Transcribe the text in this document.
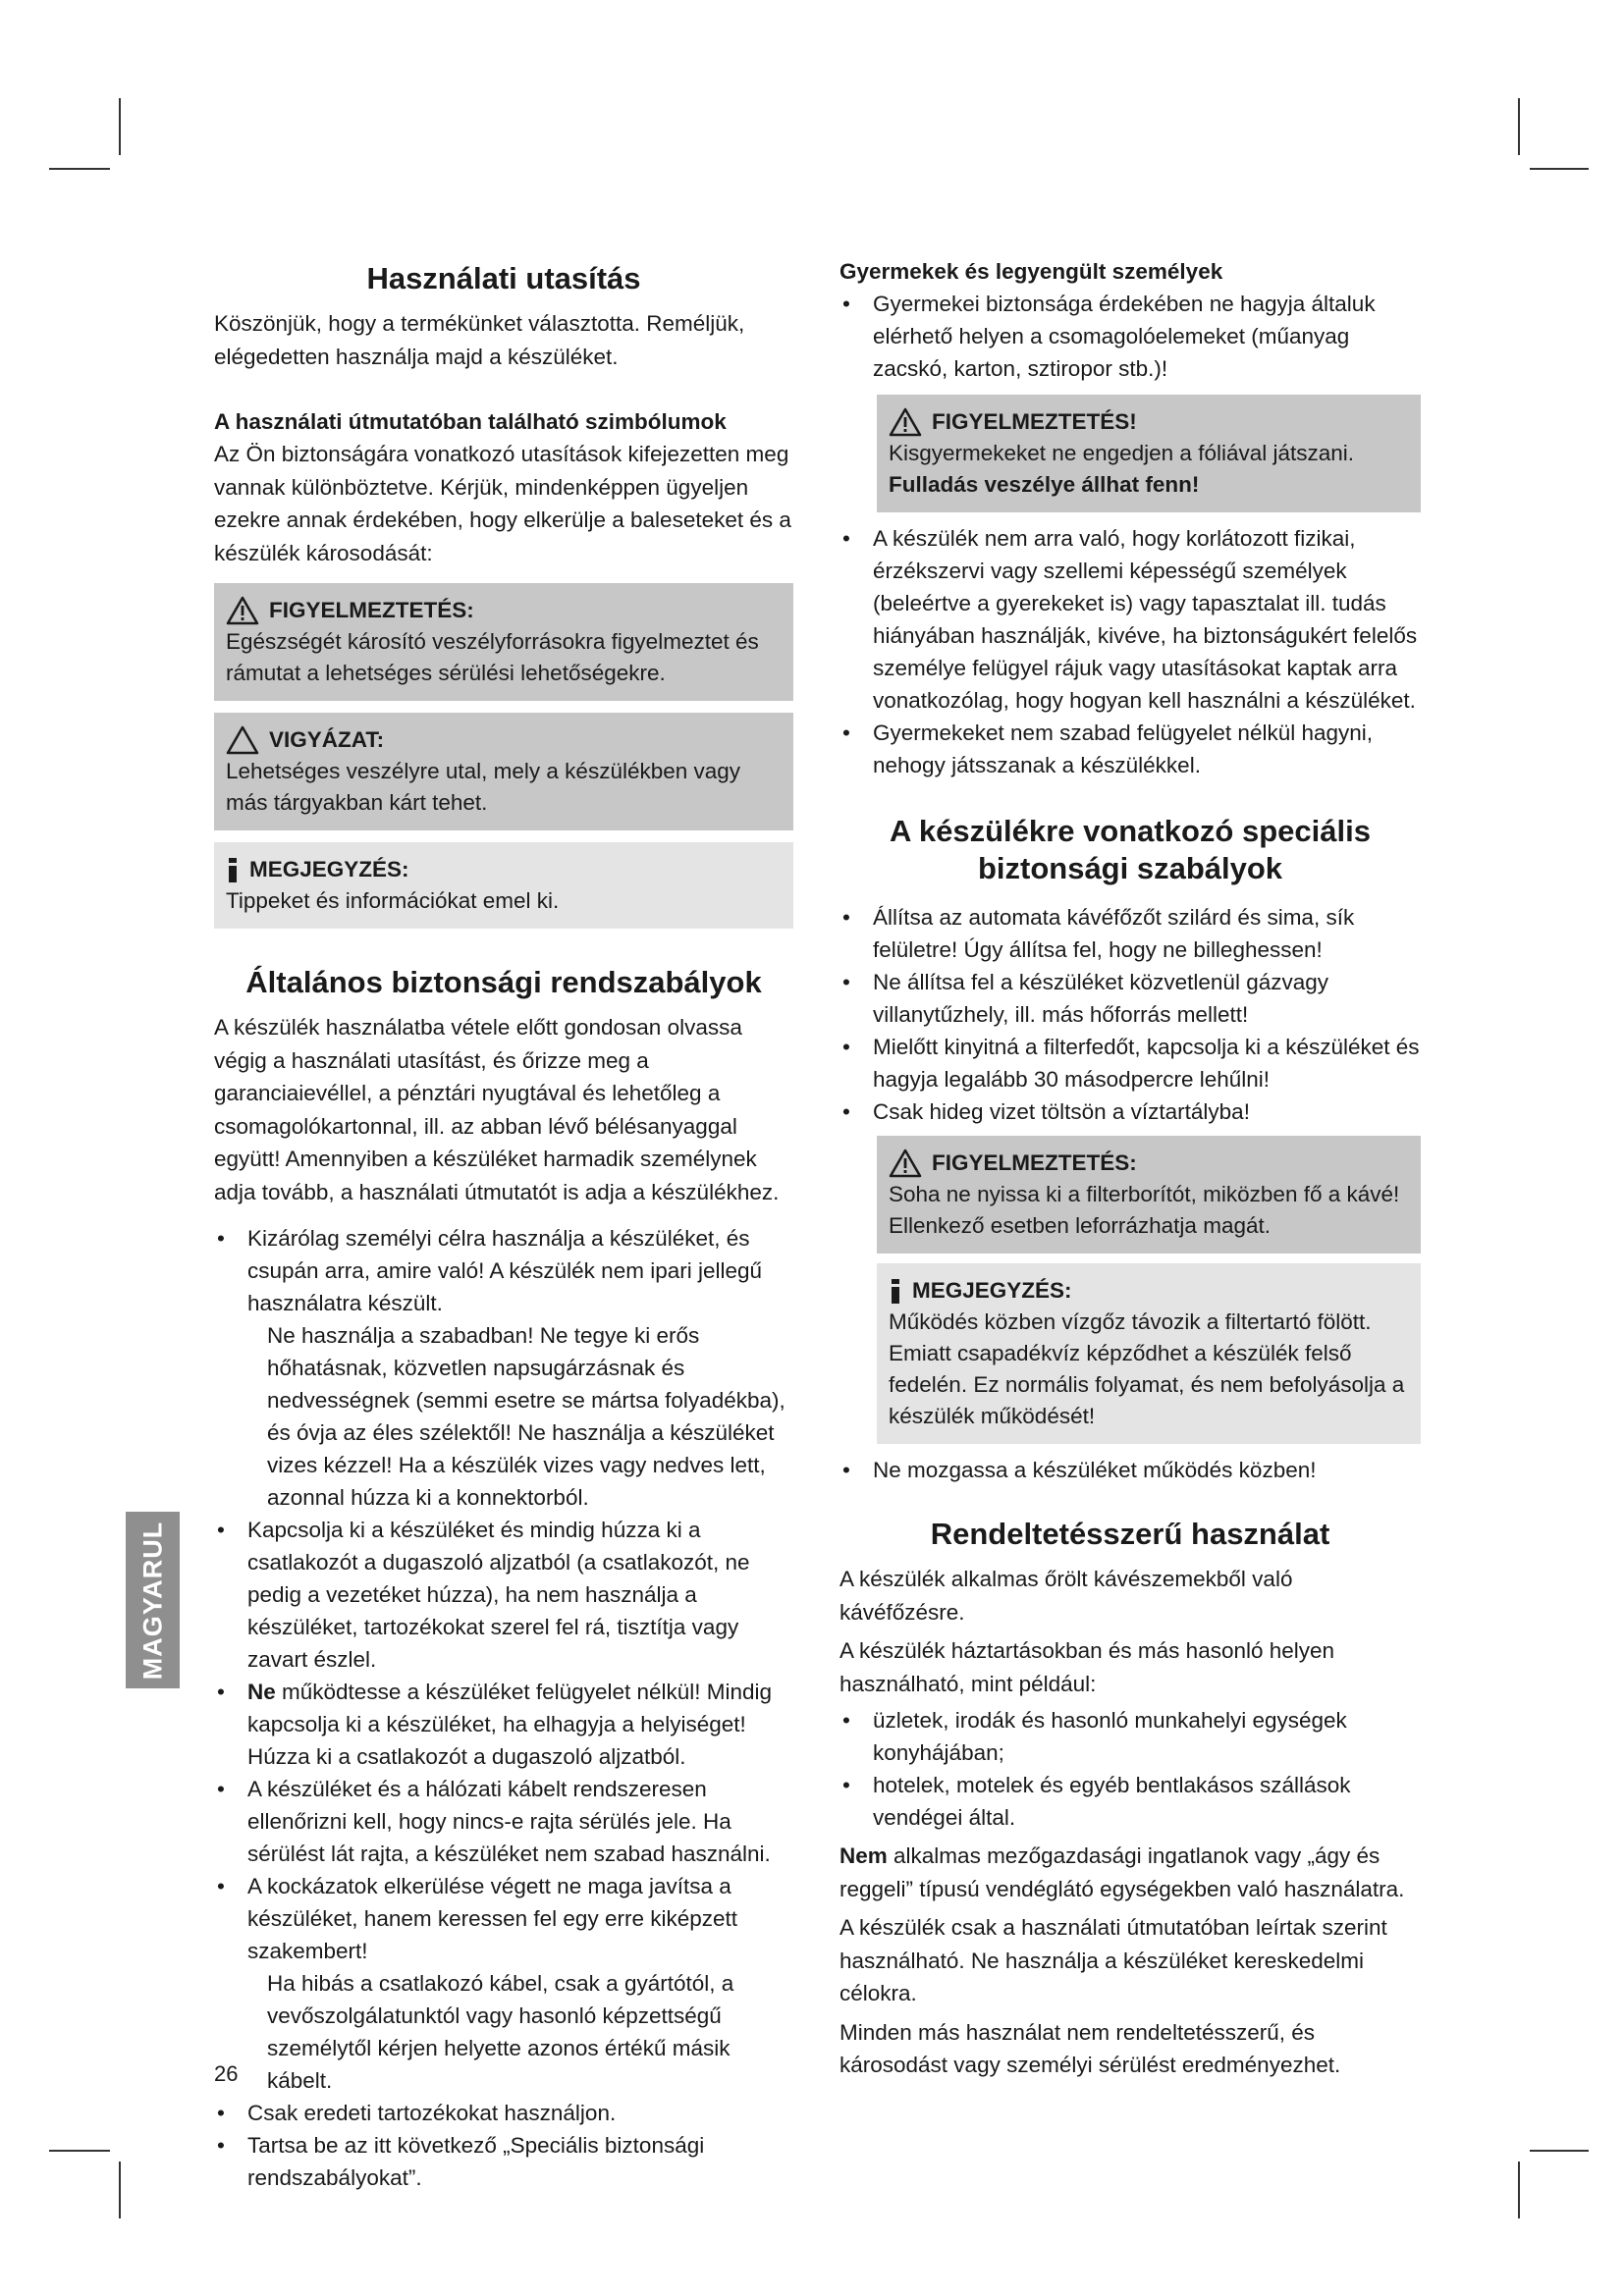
MAGYARUL
Használati utasítás

Köszönjük, hogy a termékünket választotta. Reméljük, elégedetten használja majd a készüléket.

A használati útmutatóban található szimbólumok

Az Ön biztonságára vonatkozó utasítások kifejezetten meg vannak különböztetve. Kérjük, mindenképpen ügyeljen ezekre annak érdekében, hogy elkerülje a baleseteket és a készülék károsodását:

FIGYELMEZTETÉS:
Egészségét károsító veszélyforrásokra figyelmeztet és rámutat a lehetséges sérülési lehetőségekre.
VIGYÁZAT:
Lehetséges veszélyre utal, mely a készülékben vagy más tárgyakban kárt tehet.
MEGJEGYZÉS:
Tippeket és információkat emel ki.
Általános biztonsági rendszabályok

A készülék használatba vétele előtt gondosan olvassa végig a használati utasítást, és őrizze meg a garanciaievéllel, a pénztári nyugtával és lehetőleg a csomagolókartonnal, ill. az abban lévő bélésanyaggal együtt! Amennyiben a készüléket harmadik személynek adja tovább, a használati útmutatót is adja a készülékhez.

• Kizárólag személyi célra használja a készüléket, és csupán arra, amire való! A készülék nem ipari jellegű használatra készült.
Ne használja a szabadban! Ne tegye ki erős hőhatásnak, közvetlen napsugárzásnak és nedvességnek (semmi esetre se mártsa folyadékba), és óvja az éles szélektől! Ne használja a készüléket vizes kézzel! Ha a készülék vizes vagy nedves lett, azonnal húzza ki a konnektorból.
• Kapcsolja ki a készüléket és mindig húzza ki a csatlakozót a dugaszoló aljzatból (a csatlakozót, ne pedig a vezetéket húzza), ha nem használja a készüléket, tartozékokat szerel fel rá, tisztítja vagy zavart észlel.
• Ne működtesse a készüléket felügyelet nélkül! Mindig kapcsolja ki a készüléket, ha elhagyja a helyiséget! Húzza ki a csatlakozót a dugaszoló aljzatból.
• A készüléket és a hálózati kábelt rendszeresen ellenőrizni kell, hogy nincs-e rajta sérülés jele. Ha sérülést lát rajta, a készüléket nem szabad használni.
• A kockázatok elkerülése végett ne maga javítsa a készüléket, hanem keressen fel egy erre kiképzett szakembert!
Ha hibás a csatlakozó kábel, csak a gyártótól, a vevőszolgálatunktól vagy hasonló képzettségű személytől kérjen helyette azonos értékű másik kábelt.
• Csak eredeti tartozékokat használjon.
• Tartsa be az itt következő „Speciális biztonsági rendszabályokat”.
Gyermekek és legyengült személyek
• Gyermekei biztonsága érdekében ne hagyja általuk elérhető helyen a csomagolóelemeket (műanyag zacskó, karton, sztiropor stb.)!
FIGYELMEZTETÉS!
Kisgyermekeket ne engedjen a fóliával játszani. Fulladás veszélye állhat fenn!
• A készülék nem arra való, hogy korlátozott fizikai, érzékszervi vagy szellemi képességű személyek (beleértve a gyerekeket is) vagy tapasztalat ill. tudás hiányában használják, kivéve, ha biztonságukért felelős személye felügyel rájuk vagy utasításokat kaptak arra vonatkozólag, hogy hogyan kell használni a készüléket.
• Gyermekeket nem szabad felügyelet nélkül hagyni, nehogy játsszanak a készülékkel.
A készülékre vonatkozó speciális
biztonsági szabályok
• Állítsa az automata kávéfőzőt szilárd és sima, sík felületre! Úgy állítsa fel, hogy ne billeghessen!
• Ne állítsa fel a készüléket közvetlenül gázvagy villanytűzhely, ill. más hőforrás mellett!
• Mielőtt kinyitná a filterfedőt, kapcsolja ki a készüléket és hagyja legalább 30 másodpercre lehűlni!
• Csak hideg vizet töltsön a víztartályba!
FIGYELMEZTETÉS:
Soha ne nyissa ki a filterborítót, miközben fő a kávé! Ellenkező esetben leforrázhatja magát.
MEGJEGYZÉS:
Működés közben vízgőz távozik a filtertartó fölött. Emiatt csapadékvíz képződhet a készülék felső fedelén. Ez normális folyamat, és nem befolyásolja a készülék működését!
• Ne mozgassa a készüléket működés közben!
Rendeltetésszerű használat

A készülék alkalmas őrölt kávészemekből való kávéfőzésre.

A készülék háztartásokban és más hasonló helyen használható, mint például:

• üzletek, irodák és hasonló munkahelyi egységek konyhájában;
• hotelek, motelek és egyéb bentlakásos szállások vendégei által.

Nem alkalmas mezőgazdasági ingatlanok vagy „ágy és reggeli” típusú vendéglátó egységekben való használatra.

A készülék csak a használati útmutatóban leírtak szerint használható. Ne használja a készüléket kereskedelmi célokra.

Minden más használat nem rendeltetésszerű, és károsodást vagy személyi sérülést eredményezhet.

26
